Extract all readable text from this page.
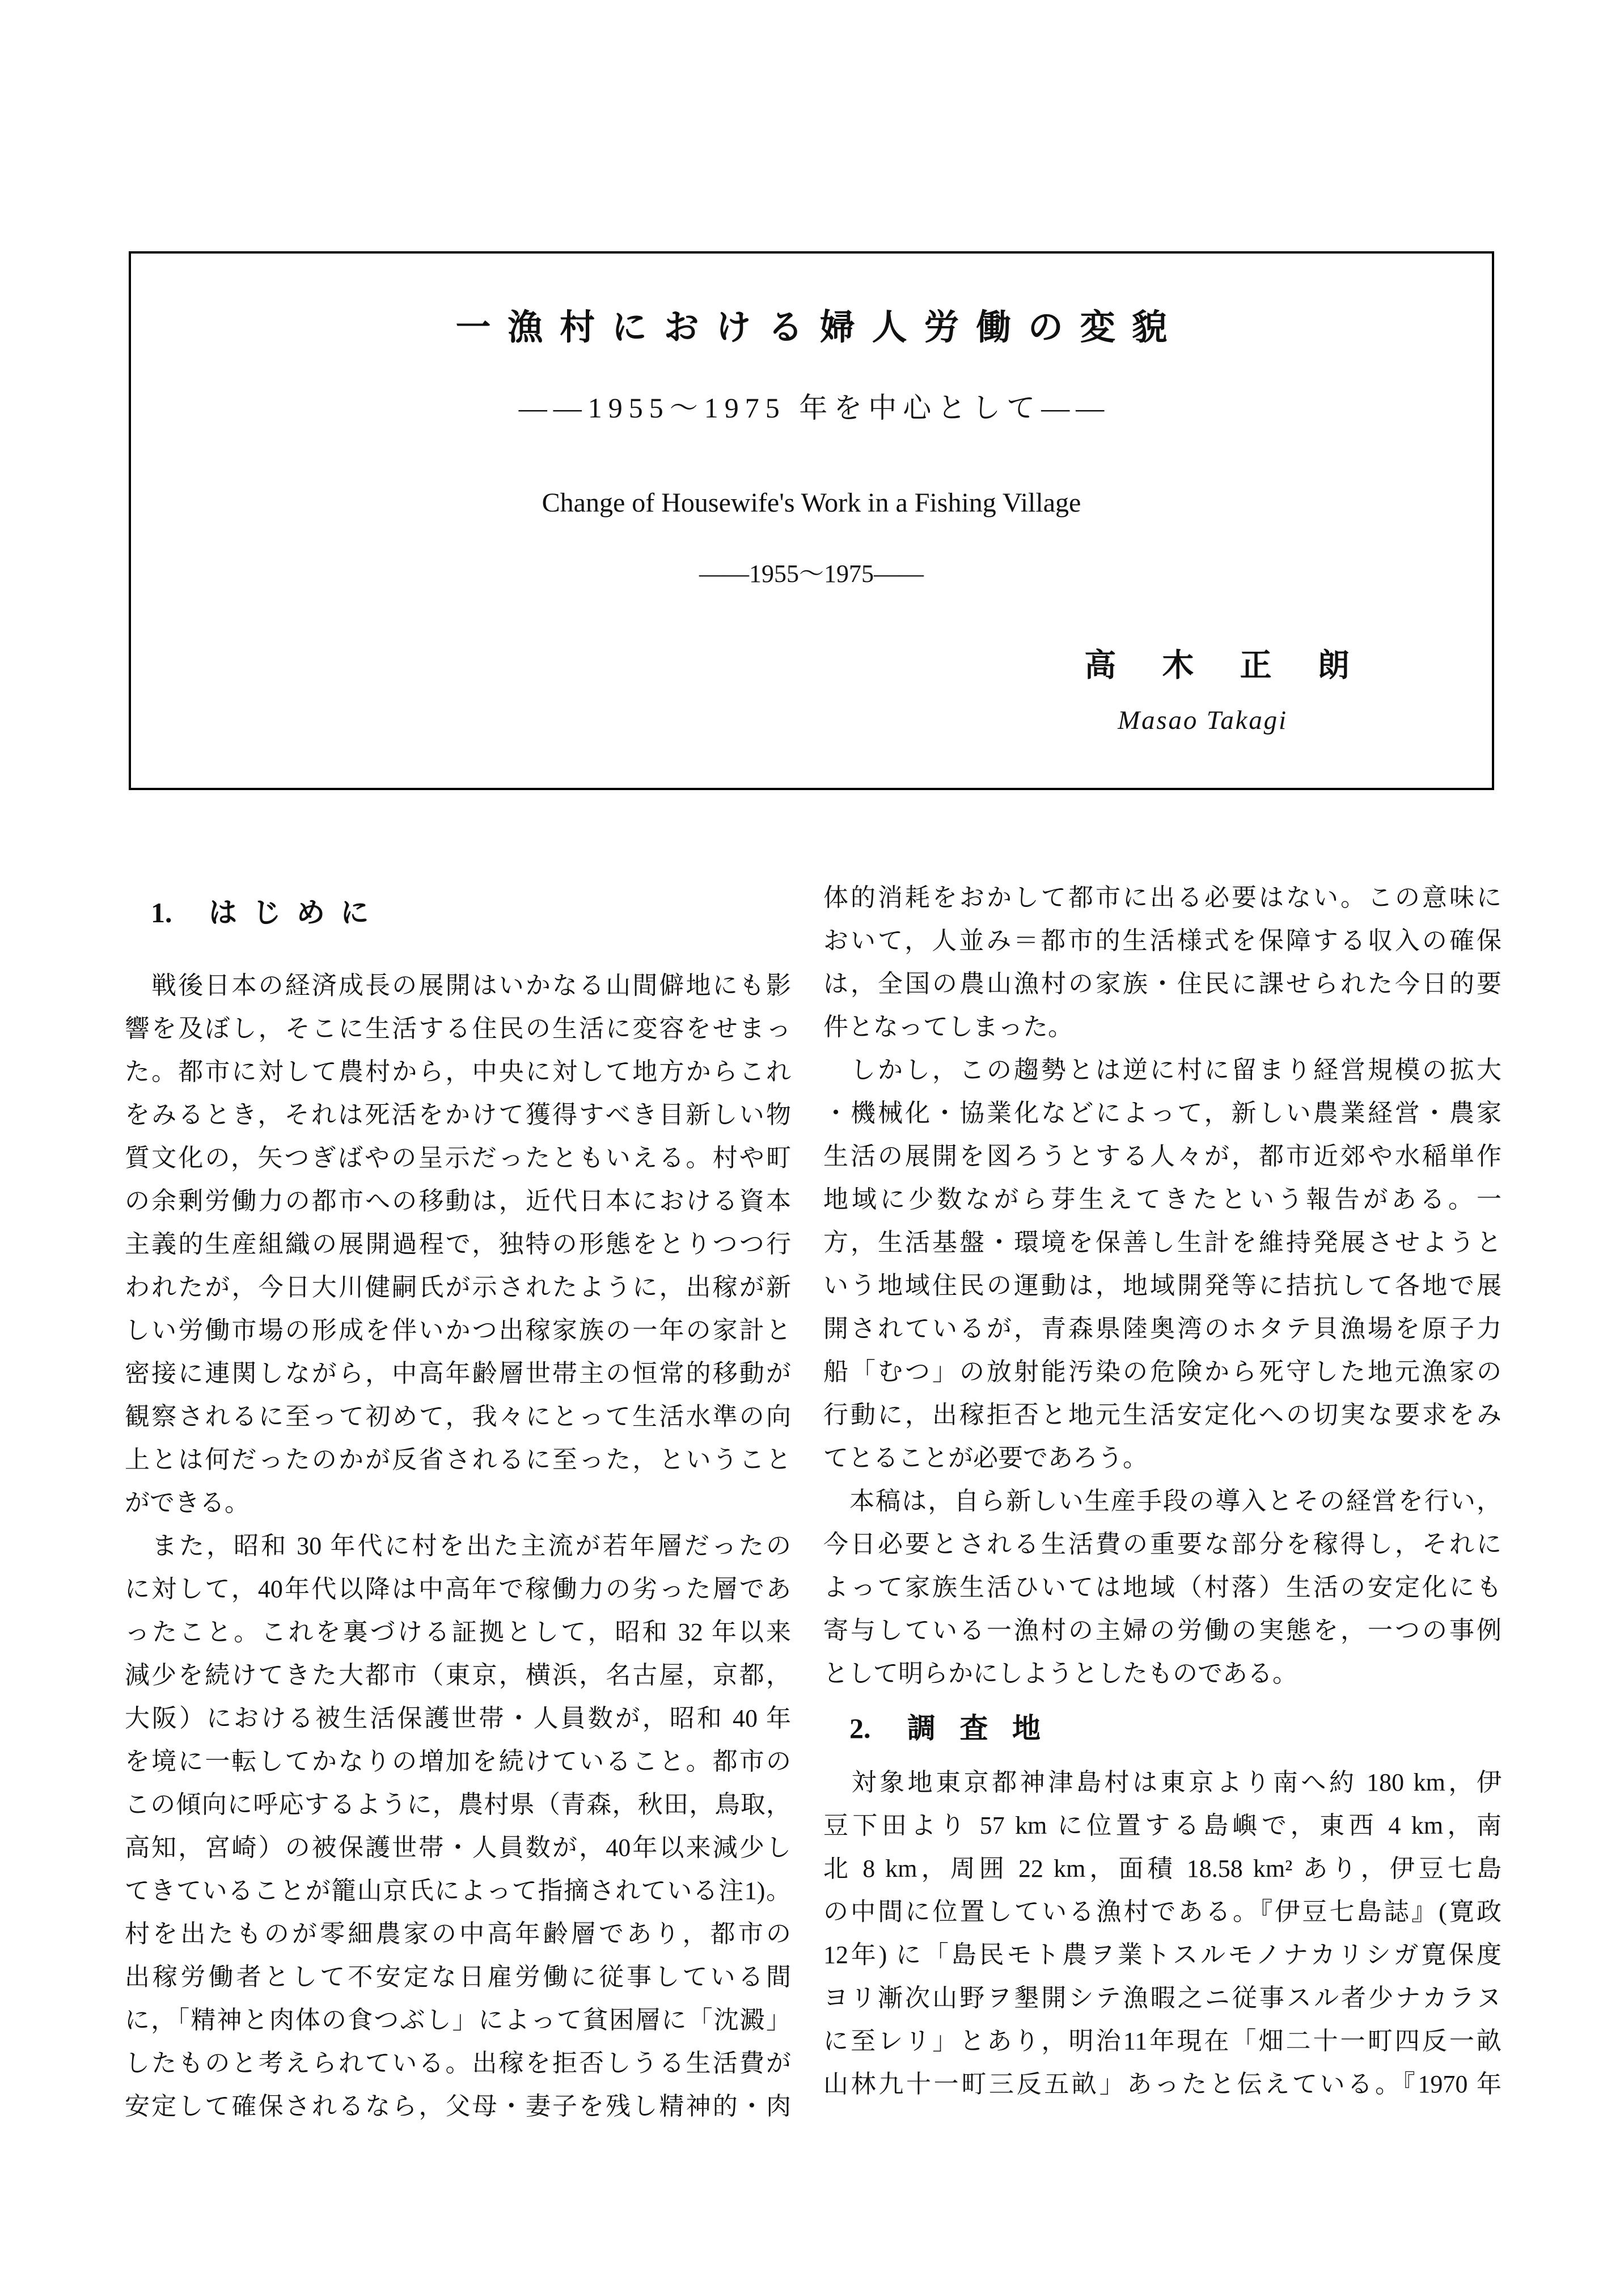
一漁村における婦人労働の変貌
――1955～1975 年を中心として――
Change of Housewife's Work in a Fishing Village
――1955～1975――
高木正朗
Masao Takagi
1. はじめに
　戦後日本の経済成長の展開はいかなる山間僻地にも影
響を及ぼし，そこに生活する住民の生活に変容をせまっ
た。都市に対して農村から，中央に対して地方からこれ
をみるとき，それは死活をかけて獲得すべき目新しい物
質文化の，矢つぎばやの呈示だったともいえる。村や町
の余剰労働力の都市への移動は，近代日本における資本
主義的生産組織の展開過程で，独特の形態をとりつつ行
われたが，今日大川健嗣氏が示されたように，出稼が新
しい労働市場の形成を伴いかつ出稼家族の一年の家計と
密接に連関しながら，中高年齢層世帯主の恒常的移動が
観察されるに至って初めて，我々にとって生活水準の向
上とは何だったのかが反省されるに至った，ということ
ができる。
　また，昭和 30 年代に村を出た主流が若年層だったの
に対して，40年代以降は中高年で稼働力の劣った層であ
ったこと。これを裏づける証拠として，昭和 32 年以来
減少を続けてきた大都市（東京，横浜，名古屋，京都，
大阪）における被生活保護世帯・人員数が，昭和 40 年
を境に一転してかなりの増加を続けていること。都市の
この傾向に呼応するように，農村県（青森，秋田，鳥取，
高知，宮崎）の被保護世帯・人員数が，40年以来減少し
てきていることが籠山京氏によって指摘されている注1)。
村を出たものが零細農家の中高年齢層であり，都市の
出稼労働者として不安定な日雇労働に従事している間
に，「精神と肉体の食つぶし」によって貧困層に「沈澱」
したものと考えられている。出稼を拒否しうる生活費が
安定して確保されるなら，父母・妻子を残し精神的・肉
体的消耗をおかして都市に出る必要はない。この意味に
おいて，人並み＝都市的生活様式を保障する収入の確保
は，全国の農山漁村の家族・住民に課せられた今日的要
件となってしまった。
　しかし，この趨勢とは逆に村に留まり経営規模の拡大
・機械化・協業化などによって，新しい農業経営・農家
生活の展開を図ろうとする人々が，都市近郊や水稲単作
地域に少数ながら芽生えてきたという報告がある。一
方，生活基盤・環境を保善し生計を維持発展させようと
いう地域住民の運動は，地域開発等に拮抗して各地で展
開されているが，青森県陸奥湾のホタテ貝漁場を原子力
船「むつ」の放射能汚染の危険から死守した地元漁家の
行動に，出稼拒否と地元生活安定化への切実な要求をみ
てとることが必要であろう。
　本稿は，自ら新しい生産手段の導入とその経営を行い，
今日必要とされる生活費の重要な部分を稼得し，それに
よって家族生活ひいては地域（村落）生活の安定化にも
寄与している一漁村の主婦の労働の実態を，一つの事例
として明らかにしようとしたものである。
2. 調査地
　対象地東京都神津島村は東京より南へ約 180 km，伊
豆下田より 57 km に位置する島嶼で，東西 4 km，南
北 8 km，周囲 22 km，面積 18.58 km² あり，伊豆七島
の中間に位置している漁村である。『伊豆七島誌』(寛政
12年) に「島民モト農ヲ業トスルモノナカリシガ寛保度
ヨリ漸次山野ヲ墾開シテ漁暇之ニ従事スル者少ナカラヌ
に至レリ」とあり，明治11年現在「畑二十一町四反一畝
山林九十一町三反五畝」あったと伝えている。『1970 年
